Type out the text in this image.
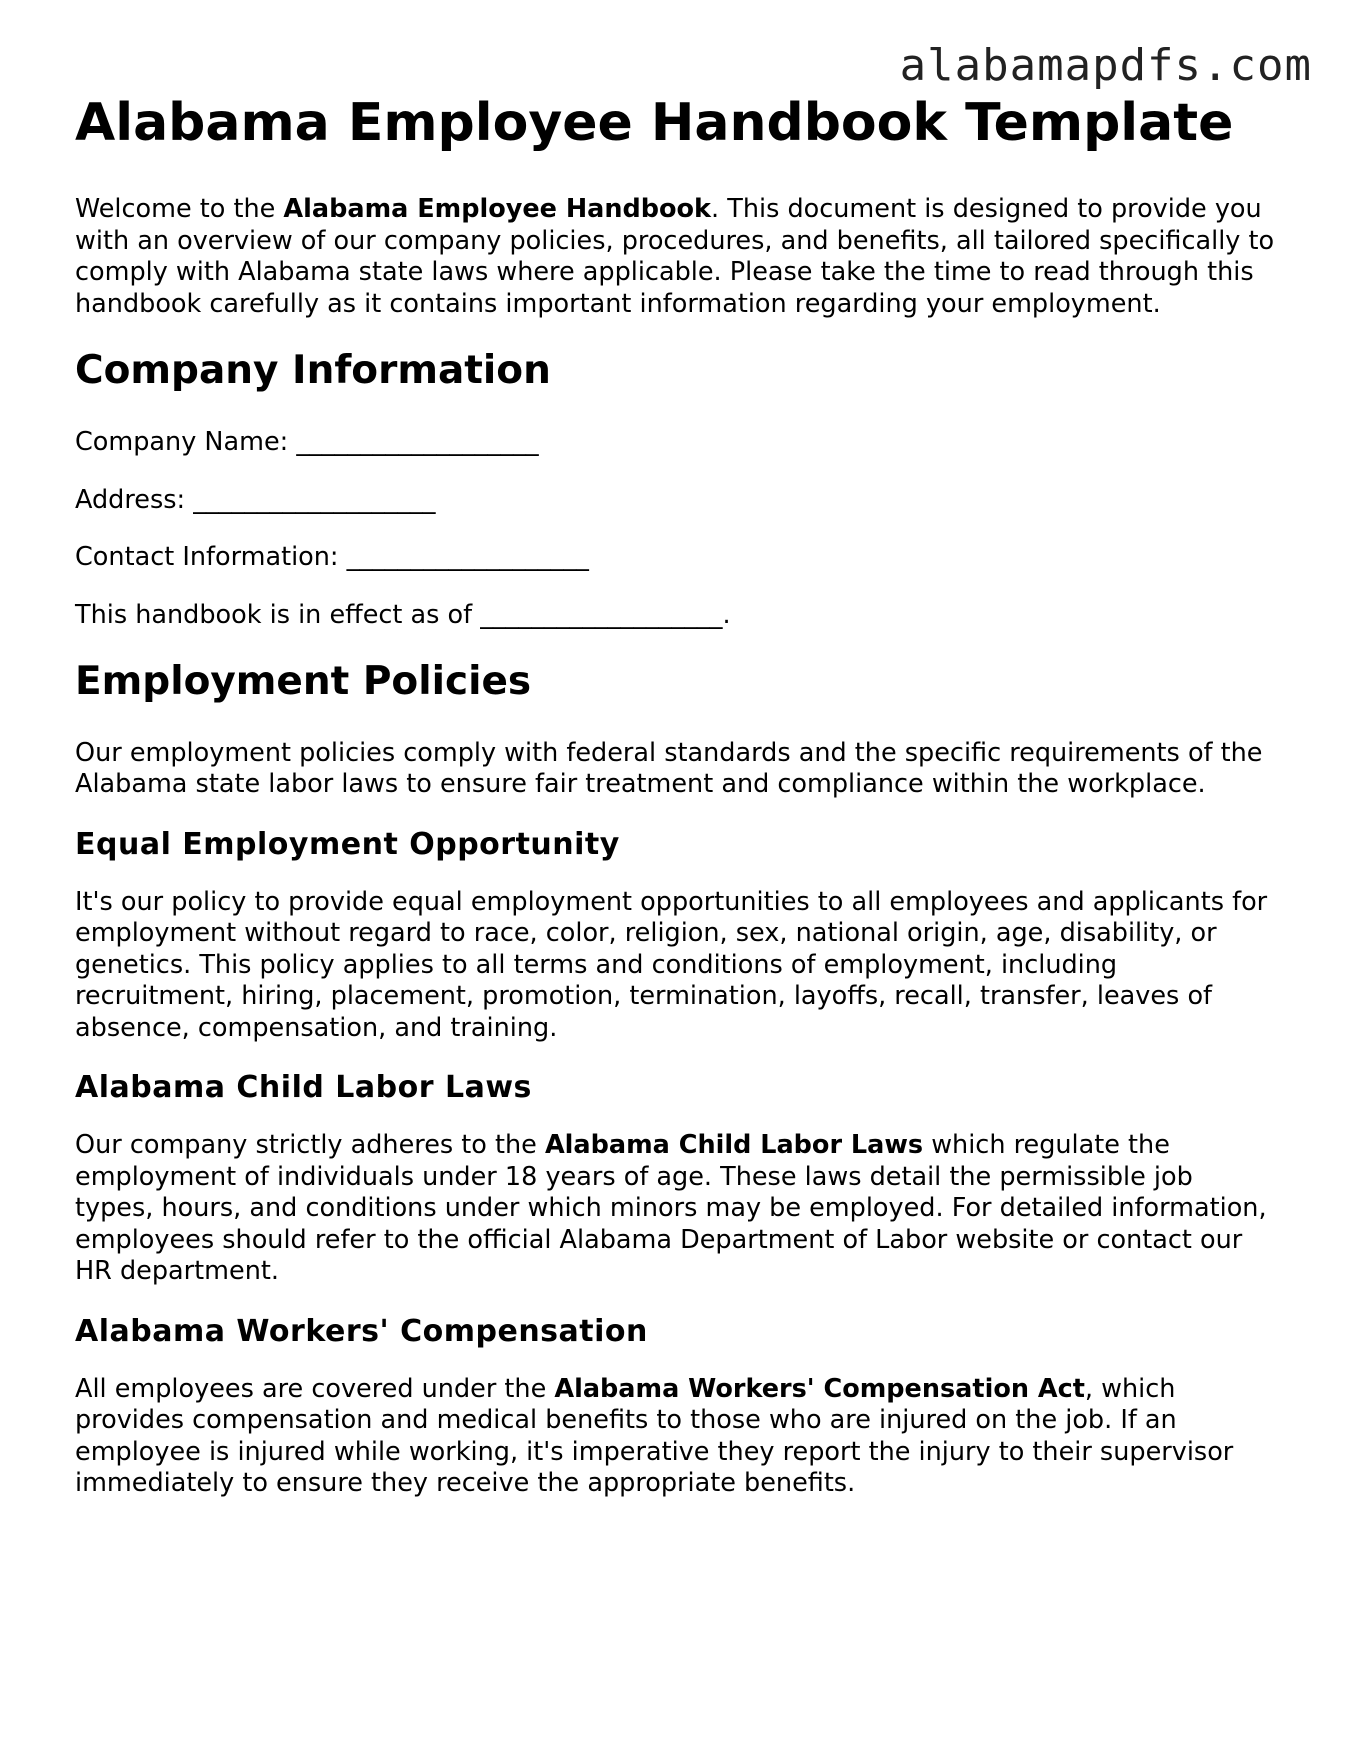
alabamapdfs.com
Alabama Employee Handbook Template

Welcome to the Alabama Employee Handbook. This document is designed to provide you with an overview of our company policies, procedures, and benefits, all tailored specifically to comply with Alabama state laws where applicable. Please take the time to read through this handbook carefully as it contains important information regarding your employment.

Company Information

Company Name: ___________________

Address: ___________________

Contact Information: ___________________

This handbook is in effect as of ___________________.

Employment Policies

Our employment policies comply with federal standards and the specific requirements of the Alabama state labor laws to ensure fair treatment and compliance within the workplace.

Equal Employment Opportunity

It's our policy to provide equal employment opportunities to all employees and applicants for employment without regard to race, color, religion, sex, national origin, age, disability, or genetics. This policy applies to all terms and conditions of employment, including recruitment, hiring, placement, promotion, termination, layoffs, recall, transfer, leaves of absence, compensation, and training.

Alabama Child Labor Laws

Our company strictly adheres to the Alabama Child Labor Laws which regulate the employment of individuals under 18 years of age. These laws detail the permissible job types, hours, and conditions under which minors may be employed. For detailed information, employees should refer to the official Alabama Department of Labor website or contact our HR department.

Alabama Workers' Compensation

All employees are covered under the Alabama Workers' Compensation Act, which provides compensation and medical benefits to those who are injured on the job. If an employee is injured while working, it's imperative they report the injury to their supervisor immediately to ensure they receive the appropriate benefits.
